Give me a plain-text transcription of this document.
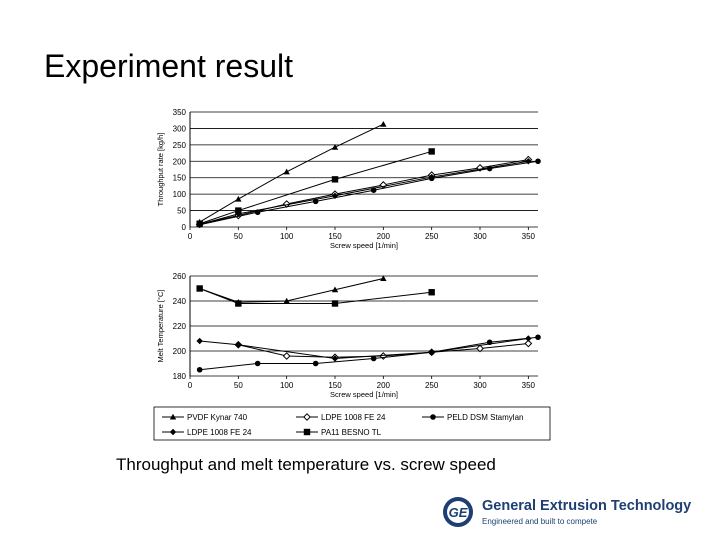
Experiment result
0
50
100
150
200
250
300
350
0	50	100	150	200	250	300	350
Screw speed [1/min]
Throughput rate [kg/h]
180
200
220
240
260
0	50	100	150	200	250	300	350
Screw speed [1/min]
Melt Temperature [°C]
PVDF Kynar 740	LDPE 1008 FE 24	PELD DSM Stamylan
LDPE 1008 FE 24	PA11 BESNO TL
Throughput and melt temperature vs. screw speed
GE General Extrusion Technology
Engineered and built to compete
